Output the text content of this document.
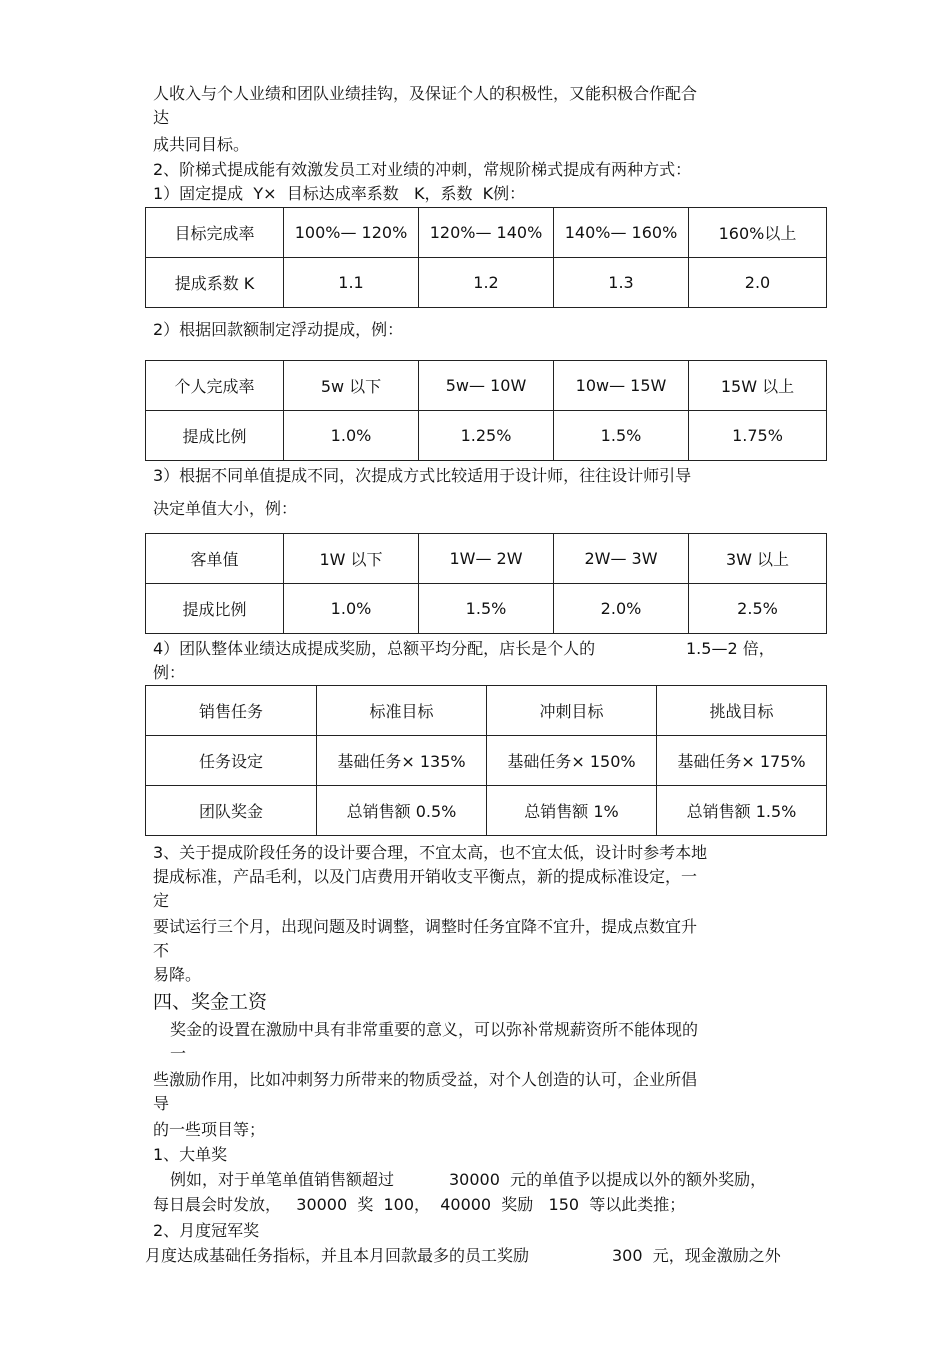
人收入与个人业绩和团队业绩挂钩，及保证个人的积极性，又能积极合作配合
达
成共同目标。
2、阶梯式提成能有效激发员工对业绩的冲刺，常规阶梯式提成有两种方式：
1）固定提成  Y×  目标达成率系数   K，系数  K例：
目标完成率	100%— 120%	120%— 140%	140%— 160%	160%以上
提成系数 K	1.1	1.2	1.3	2.0
2）根据回款额制定浮动提成，例：
个人完成率	5w 以下	5w— 10W	10w— 15W	15W 以上
提成比例	1.0%	1.25%	1.5%	1.75%
3）根据不同单值提成不同，次提成方式比较适用于设计师，往往设计师引导
决定单值大小，例：
客单值	1W 以下	1W— 2W	2W— 3W	3W 以上
提成比例	1.0%	1.5%	2.0%	2.5%
4）团队整体业绩达成提成奖励，总额平均分配，店长是个人的	1.5—2 倍，
例：
销售任务	标准目标	冲刺目标	挑战目标
任务设定	基础任务× 135%	基础任务× 150%	基础任务× 175%
团队奖金	总销售额 0.5%	总销售额 1%	总销售额 1.5%
3、关于提成阶段任务的设计要合理，不宜太高，也不宜太低，设计时参考本地
提成标准，产品毛利，以及门店费用开销收支平衡点，新的提成标准设定，一
定
要试运行三个月，出现问题及时调整，调整时任务宜降不宜升，提成点数宜升
不
易降。
四、奖金工资
奖金的设置在激励中具有非常重要的意义，可以弥补常规薪资所不能体现的
一
些激励作用，比如冲刺努力所带来的物质受益，对个人创造的认可，企业所倡
导
的一些项目等；
1、大单奖
例如，对于单笔单值销售额超过	30000  元的单值予以提成以外的额外奖励，
每日晨会时发放，   30000  奖  100，  40000  奖励   150  等以此类推；
2、月度冠军奖
月度达成基础任务指标，并且本月回款最多的员工奖励	300  元，现金激励之外
